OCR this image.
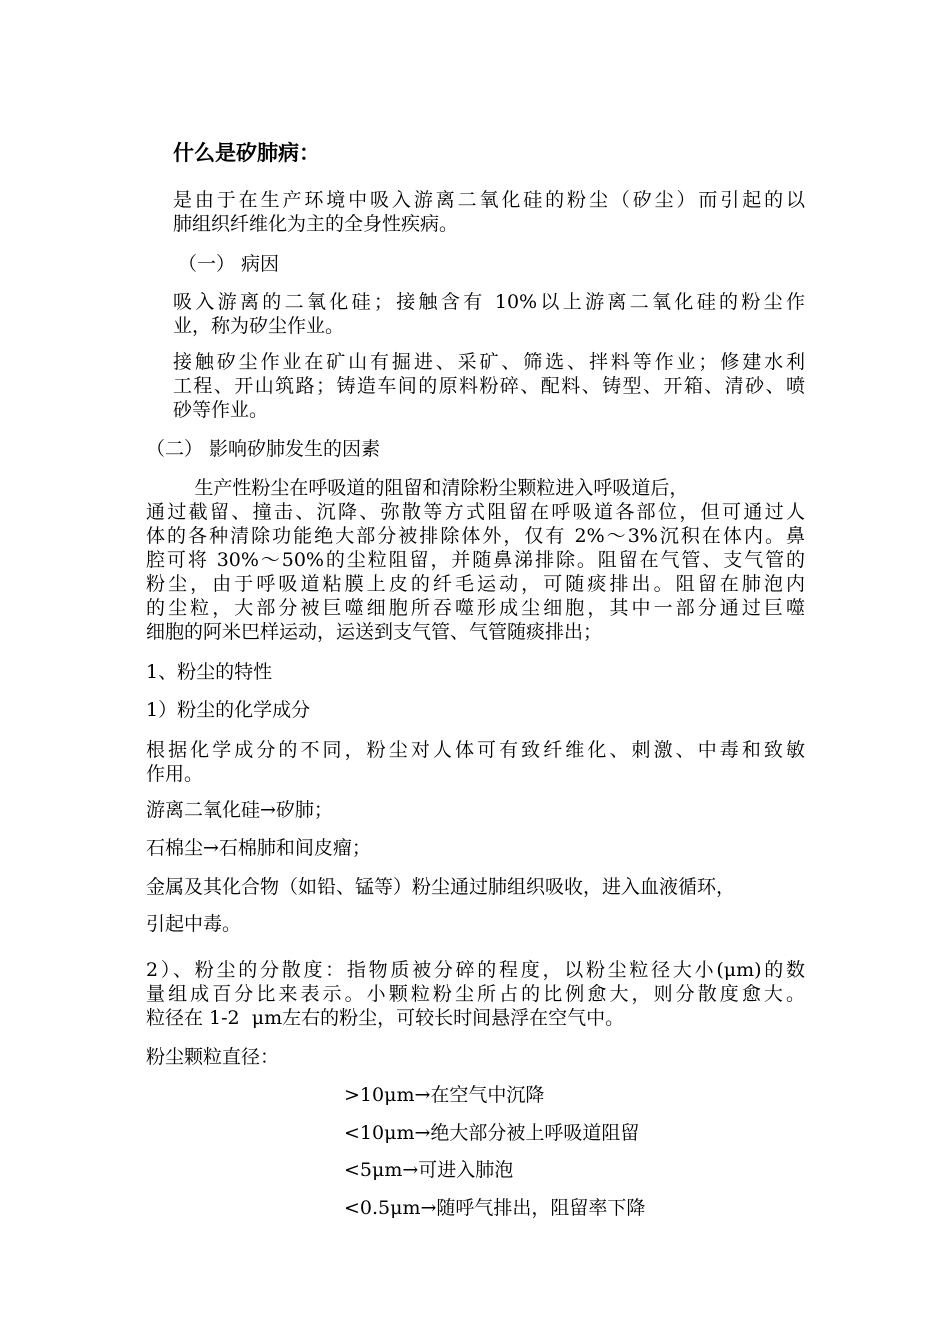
什么是矽肺病：
是由于在生产环境中吸入游离二氧化硅的粉尘（矽尘）而引起的以
肺组织纤维化为主的全身性疾病。
（一） 病因
吸入游离的二氧化硅；接触含有 10%以上游离二氧化硅的粉尘作
业，称为矽尘作业。
接触矽尘作业在矿山有掘进、采矿、筛选、拌料等作业；修建水利
工程、开山筑路；铸造车间的原料粉碎、配料、铸型、开箱、清砂、喷
砂等作业。
（二） 影响矽肺发生的因素
生产性粉尘在呼吸道的阻留和清除粉尘颗粒进入呼吸道后，
通过截留、撞击、沉降、弥散等方式阻留在呼吸道各部位，但可通过人
体的各种清除功能绝大部分被排除体外，仅有 2%～3%沉积在体内。鼻
腔可将 30%～50%的尘粒阻留，并随鼻涕排除。阻留在气管、支气管的
粉尘，由于呼吸道粘膜上皮的纤毛运动，可随痰排出。阻留在肺泡内
的尘粒，大部分被巨噬细胞所吞噬形成尘细胞，其中一部分通过巨噬
细胞的阿米巴样运动，运送到支气管、气管随痰排出；
1、粉尘的特性
1）粉尘的化学成分
根据化学成分的不同，粉尘对人体可有致纤维化、刺激、中毒和致敏
作用。
游离二氧化硅→矽肺；
石棉尘→石棉肺和间皮瘤；
金属及其化合物（如铅、锰等）粉尘通过肺组织吸收，进入血液循环，
引起中毒。
2）、粉尘的分散度：指物质被分碎的程度，以粉尘粒径大小(μm)的数
量组成百分比来表示。小颗粒粉尘所占的比例愈大，则分散度愈大。
粒径在 1-2  μm左右的粉尘，可较长时间悬浮在空气中。
粉尘颗粒直径：
>10μm→在空气中沉降
<10μm→绝大部分被上呼吸道阻留
<5μm→可进入肺泡
<0.5μm→随呼气排出，阻留率下降
